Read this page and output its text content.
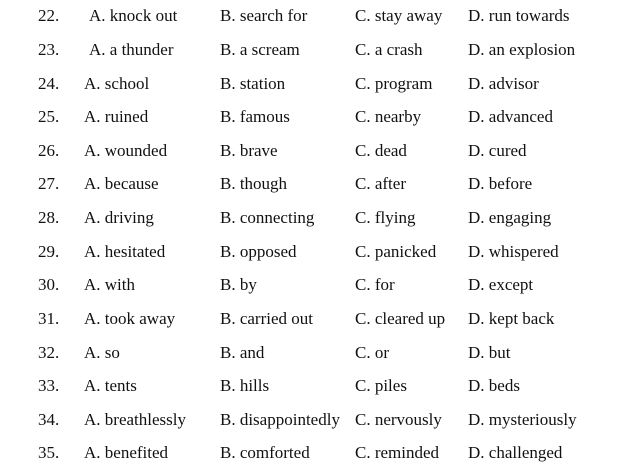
22. A. knock out	B. search for	C. stay away D. run towards
23. A. a thunder	B. a scream	C. a crash	D. an explosion
24. A. school	B. station	C. program D. advisor
25. A. ruined	B. famous	C. nearby	D. advanced
26. A. wounded	B. brave	C. dead	D. cured
27. A. because	B. though	C. after	D. before
28. A. driving	B. connecting C. flying	D. engaging
29. A. hesitated	B. opposed	C. panicked D. whispered
30. A. with	B. by	C. for	D. except
31. A. took away	B. carried out C. cleared up D. kept back
32. A. so	B. and	C. or	D. but
33. A. tents	B. hills	C. piles	D. beds
34. A. breathlessly B. disappointedly C. nervously D. mysteriously
35. A. benefited	B. comforted	C. reminded D. challenged
